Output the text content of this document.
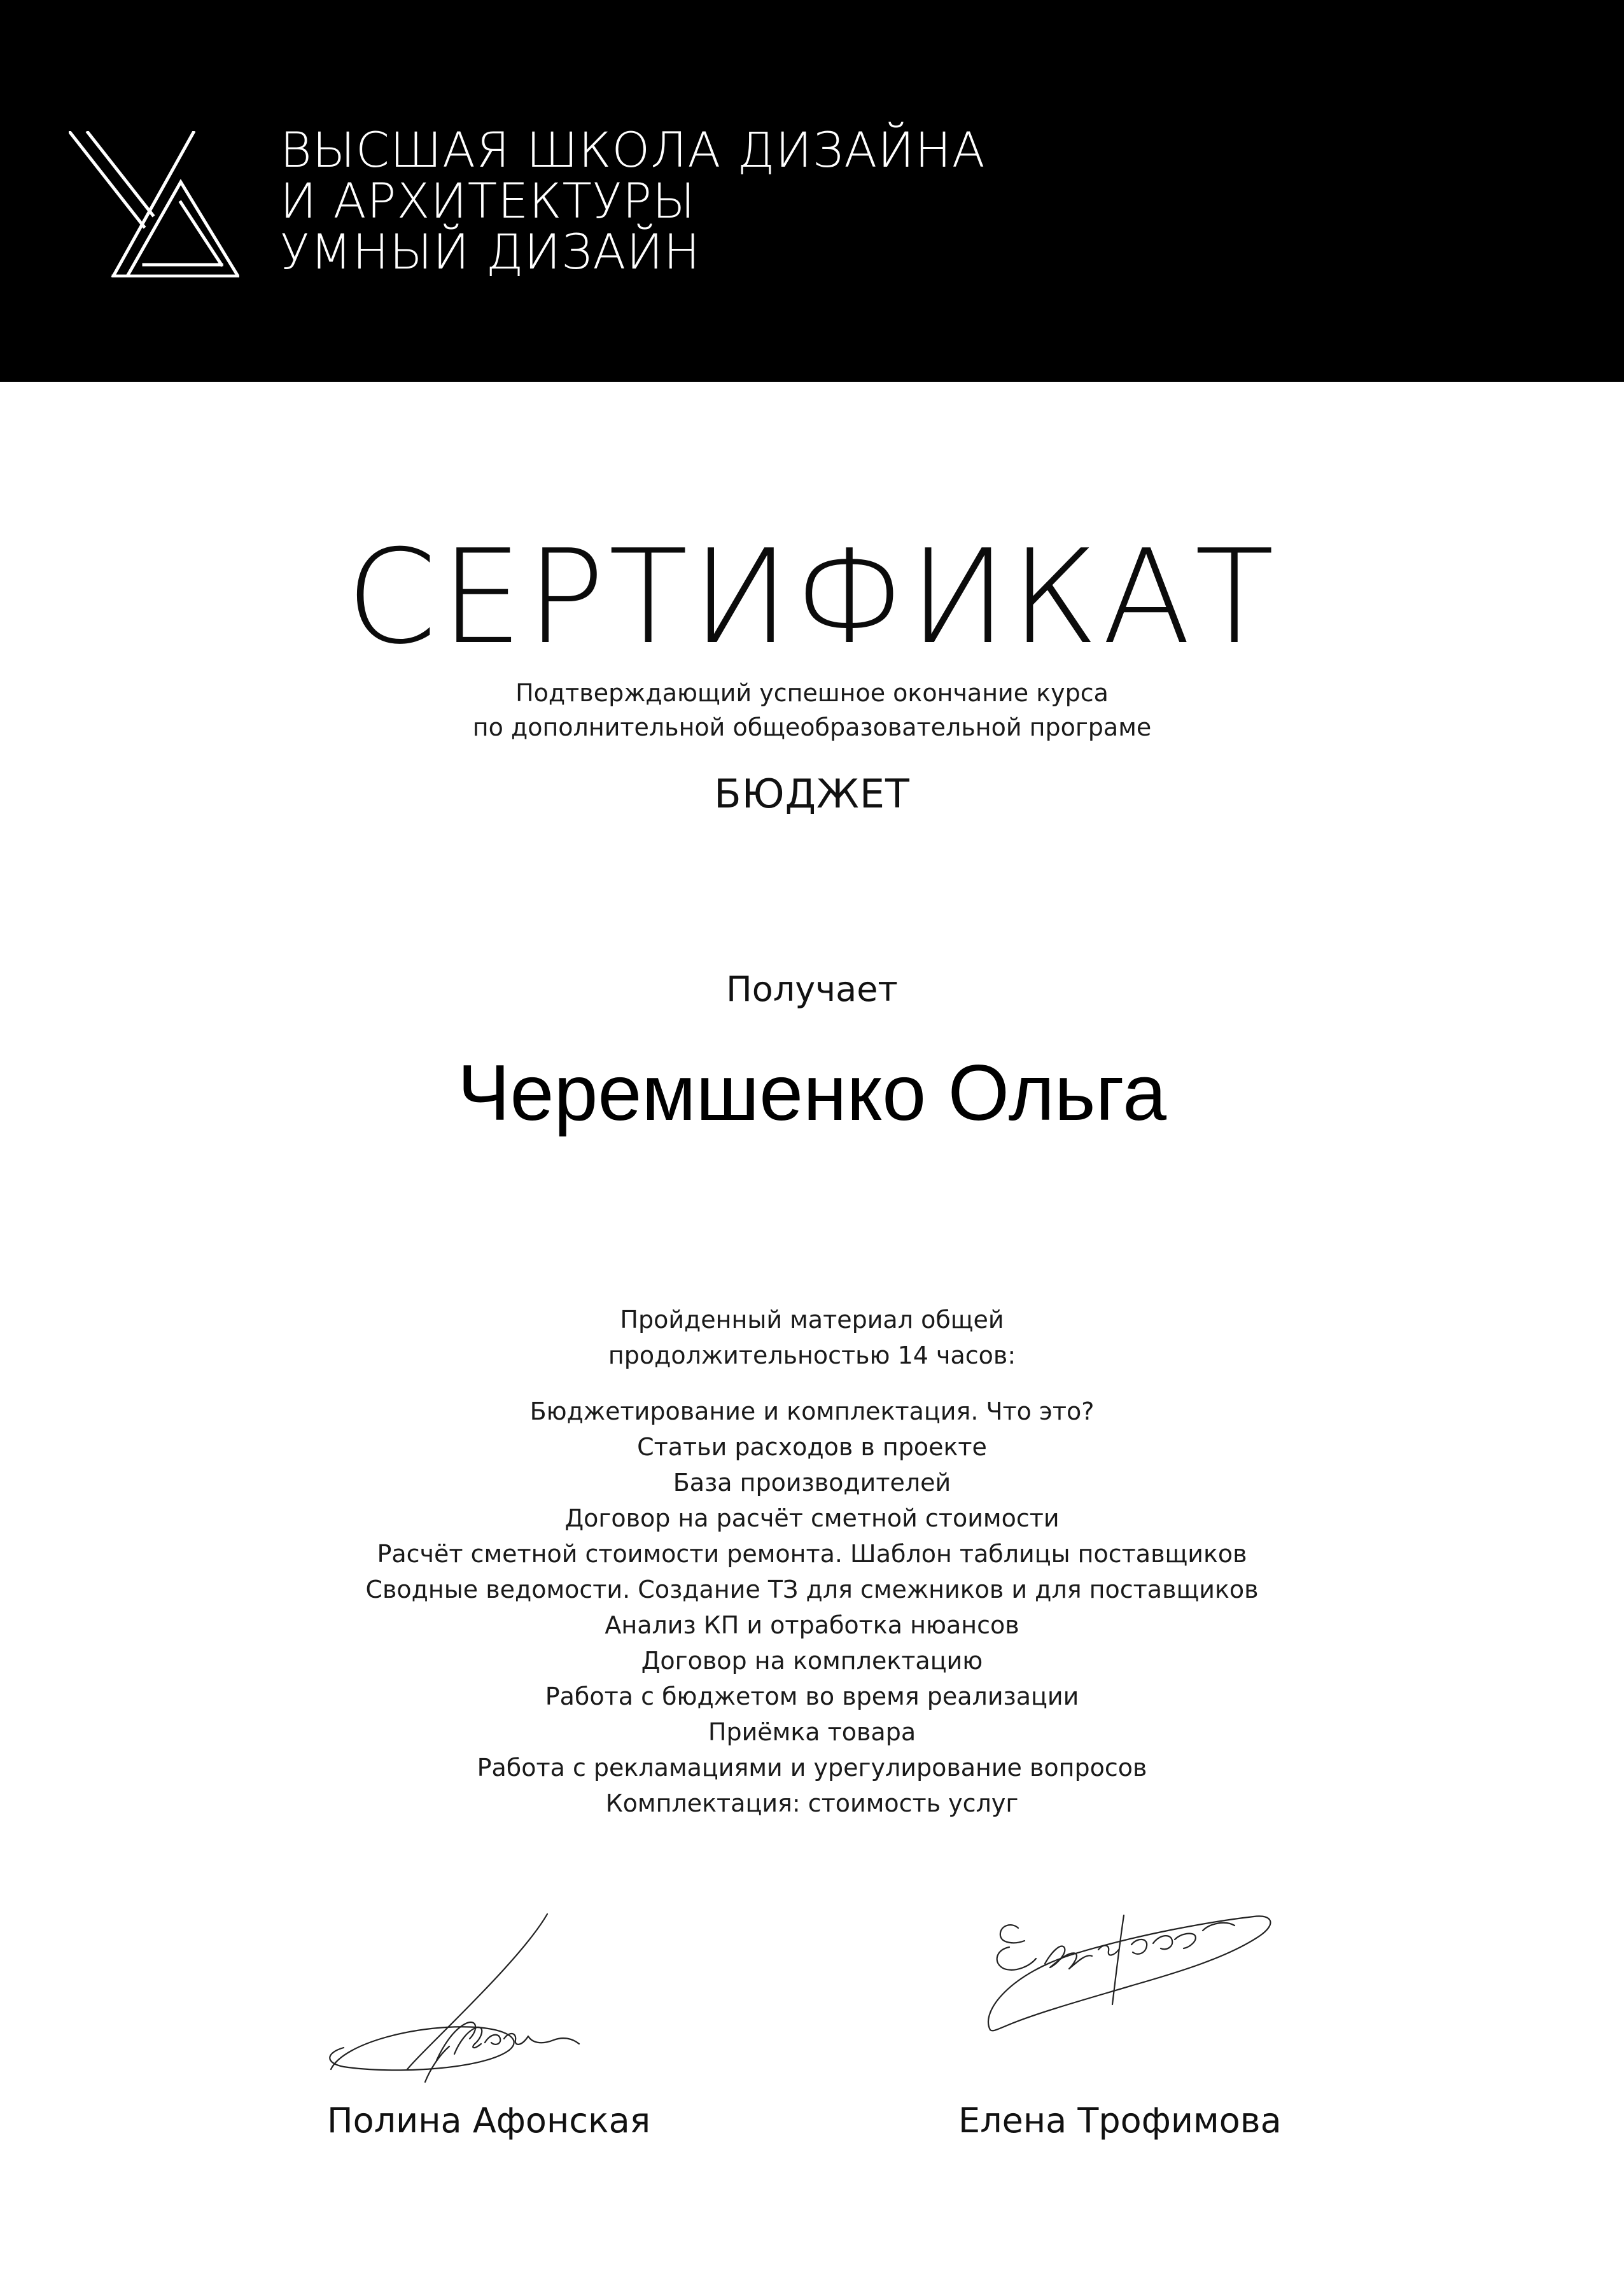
ВЫСШАЯ ШКОЛА ДИЗАЙНА
И АРХИТЕКТУРЫ
УМНЫЙ ДИЗАЙН
СЕРТИФИКАТ
Подтверждающий успешное окончание курса
по дополнительной общеобразовательной програме
БЮДЖЕТ
Получает
Черемшенко Ольга
Пройденный материал общей
продолжительностью 14 часов:
Бюджетирование и комплектация. Что это?
Статьи расходов в проекте
База производителей
Договор на расчёт сметной стоимости
Расчёт сметной стоимости ремонта. Шаблон таблицы поставщиков
Сводные ведомости. Создание ТЗ для смежников и для поставщиков
Анализ КП и отработка нюансов
Договор на комплектацию
Работа с бюджетом во время реализации
Приёмка товара
Работа с рекламациями и урегулирование вопросов
Комплектация: стоимость услуг
Полина Афонская	Елена Трофимова
